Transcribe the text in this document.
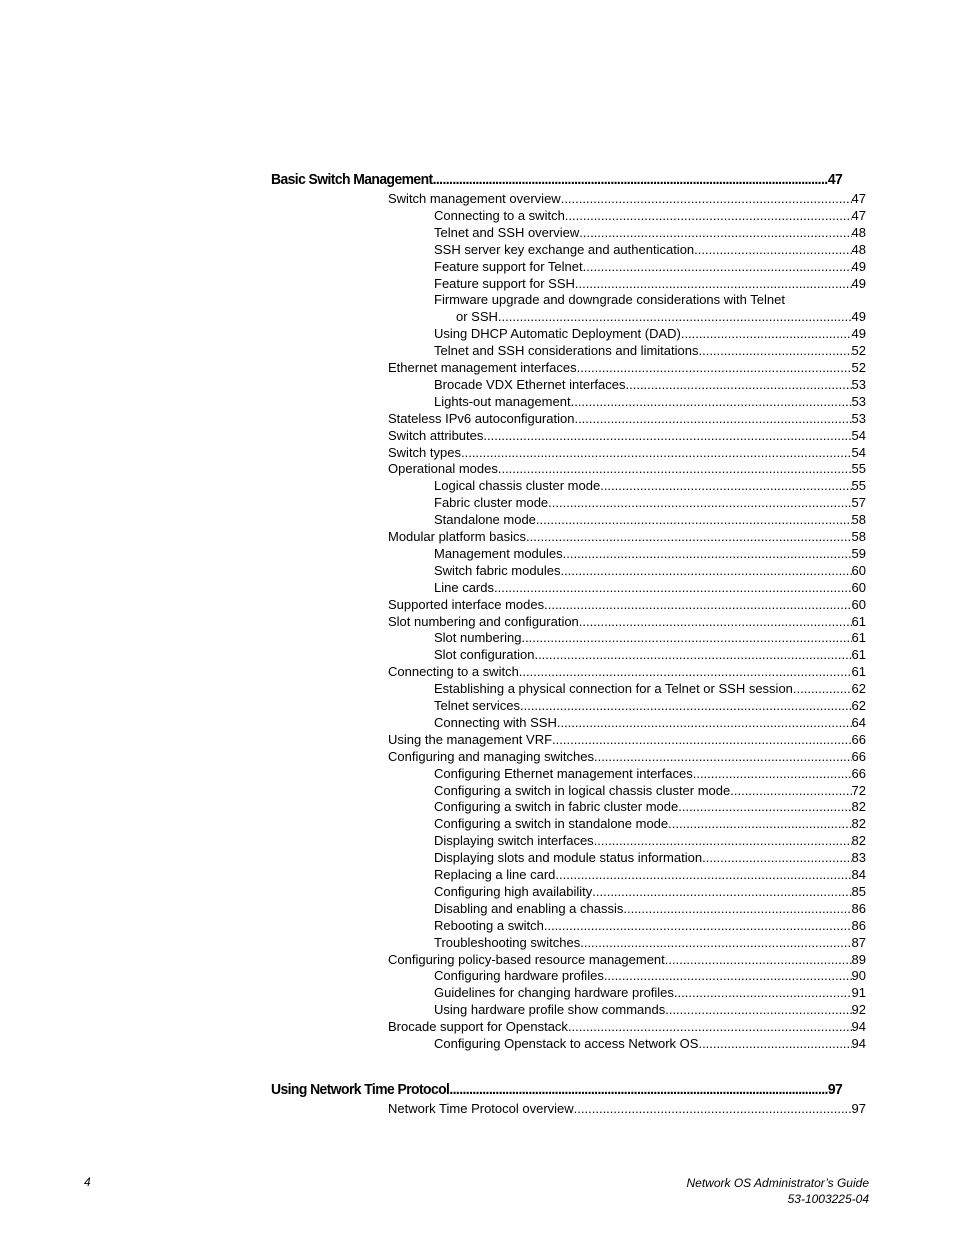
Basic Switch Management .....	47
Switch management overview .....	47
Connecting to a switch .....	47
Telnet and SSH overview .....	48
SSH server key exchange and authentication .....	48
Feature support for Telnet .....	49
Feature support for SSH .....	49
Firmware upgrade and downgrade considerations with Telnet
or SSH .....	49
Using DHCP Automatic Deployment (DAD) .....	49
Telnet and SSH considerations and limitations .....	52
Ethernet management interfaces .....	52
Brocade VDX Ethernet interfaces .....	53
Lights-out management .....	53
Stateless IPv6 autoconfiguration .....	53
Switch attributes .....	54
Switch types .....	54
Operational modes .....	55
Logical chassis cluster mode .....	55
Fabric cluster mode .....	57
Standalone mode .....	58
Modular platform basics .....	58
Management modules .....	59
Switch fabric modules .....	60
Line cards .....	60
Supported interface modes .....	60
Slot numbering and configuration .....	61
Slot numbering .....	61
Slot configuration .....	61
Connecting to a switch .....	61
Establishing a physical connection for a Telnet or SSH session .....	62
Telnet services .....	62
Connecting with SSH .....	64
Using the management VRF .....	66
Configuring and managing switches .....	66
Configuring Ethernet management interfaces .....	66
Configuring a switch in logical chassis cluster mode .....	72
Configuring a switch in fabric cluster mode .....	82
Configuring a switch in standalone mode .....	82
Displaying switch interfaces .....	82
Displaying slots and module status information .....	83
Replacing a line card .....	84
Configuring high availability .....	85
Disabling and enabling a chassis .....	86
Rebooting a switch .....	86
Troubleshooting switches .....	87
Configuring policy-based resource management .....	89
Configuring hardware profiles .....	90
Guidelines for changing hardware profiles .....	91
Using hardware profile show commands .....	92
Brocade support for Openstack .....	94
Configuring Openstack to access Network OS .....	94
Using Network Time Protocol .....	97
Network Time Protocol overview .....	97
4	Network OS Administrator’s Guide
53-1003225-04
